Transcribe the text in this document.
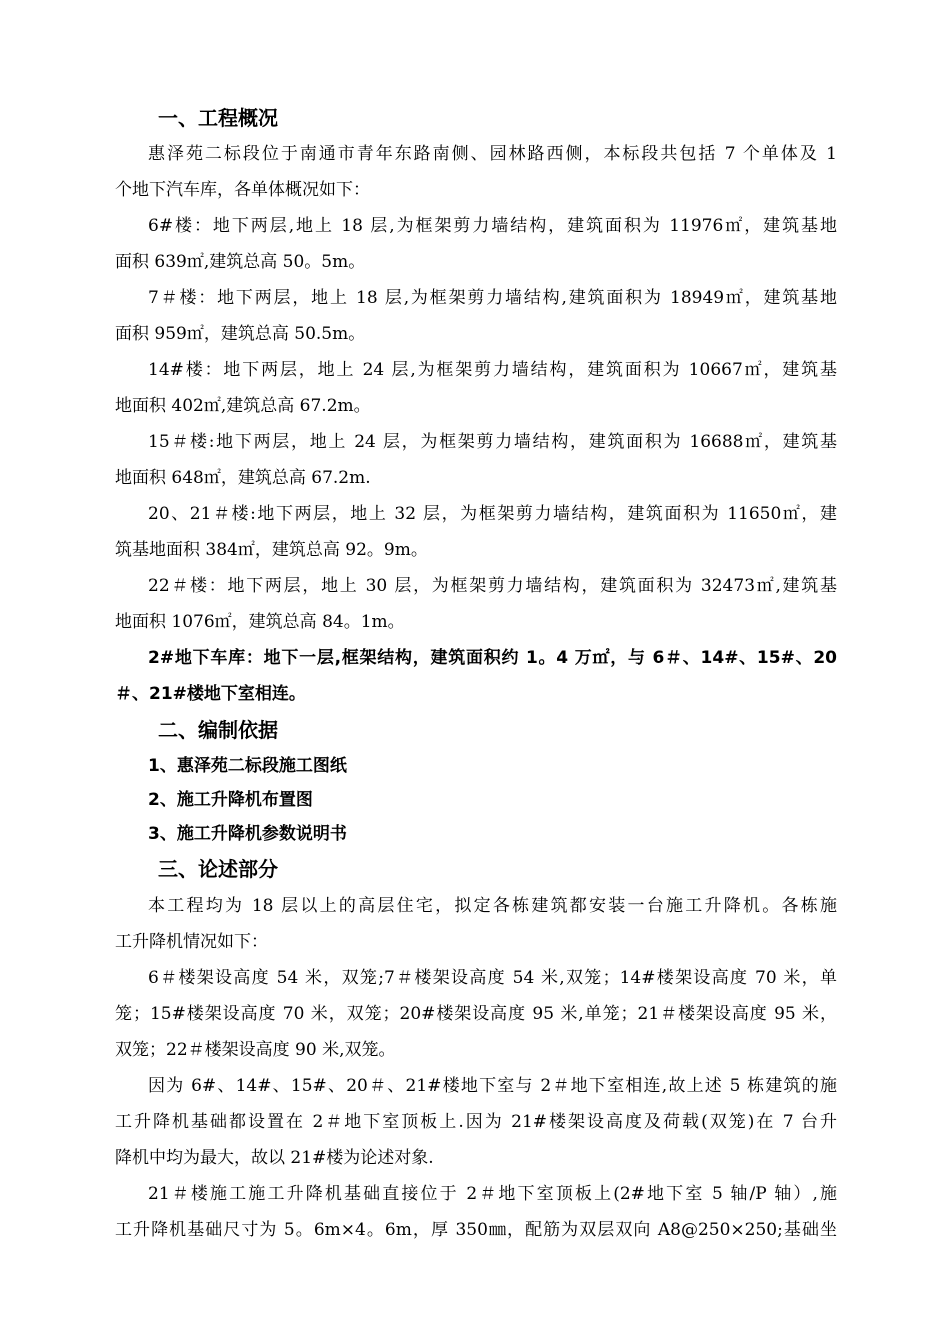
一、工程概况
惠泽苑二标段位于南通市青年东路南侧、园林路西侧，本标段共包括 7 个单体及 1
个地下汽车库，各单体概况如下：
6#楼：地下两层,地上 18 层,为框架剪力墙结构，建筑面积为 11976㎡，建筑基地
面积 639㎡,建筑总高 50。5m。
7＃楼：地下两层，地上 18 层,为框架剪力墙结构,建筑面积为 18949㎡，建筑基地
面积 959㎡，建筑总高 50.5m。
14#楼：地下两层，地上 24 层,为框架剪力墙结构，建筑面积为 10667㎡，建筑基
地面积 402㎡,建筑总高 67.2m。
15＃楼:地下两层，地上 24 层，为框架剪力墙结构，建筑面积为 16688㎡，建筑基
地面积 648㎡，建筑总高 67.2m.
20、21＃楼:地下两层，地上 32 层，为框架剪力墙结构，建筑面积为 11650㎡，建
筑基地面积 384㎡，建筑总高 92。9m。
22＃楼：地下两层，地上 30 层，为框架剪力墙结构，建筑面积为 32473㎡,建筑基
地面积 1076㎡，建筑总高 84。1m。
2#地下车库：地下一层,框架结构，建筑面积约 1。4 万㎡，与 6＃、14#、15#、20
＃、21#楼地下室相连。
二、编制依据
1、惠泽苑二标段施工图纸
2、施工升降机布置图
3、施工升降机参数说明书
三、论述部分
本工程均为 18 层以上的高层住宅，拟定各栋建筑都安装一台施工升降机。各栋施
工升降机情况如下：
6＃楼架设高度 54 米，双笼;7＃楼架设高度 54 米,双笼；14#楼架设高度 70 米，单
笼；15#楼架设高度 70 米，双笼；20#楼架设高度 95 米,单笼；21＃楼架设高度 95 米，
双笼；22＃楼架设高度 90 米,双笼。
因为 6#、14#、15#、20＃、21#楼地下室与 2＃地下室相连,故上述 5 栋建筑的施
工升降机基础都设置在 2＃地下室顶板上.因为 21#楼架设高度及荷载(双笼)在 7 台升
降机中均为最大，故以 21#楼为论述对象.
21＃楼施工施工升降机基础直接位于 2＃地下室顶板上(2#地下室 5 轴/P 轴）,施
工升降机基础尺寸为 5。6m×4。6m，厚 350㎜，配筋为双层双向 A8@250×250;基础坐
